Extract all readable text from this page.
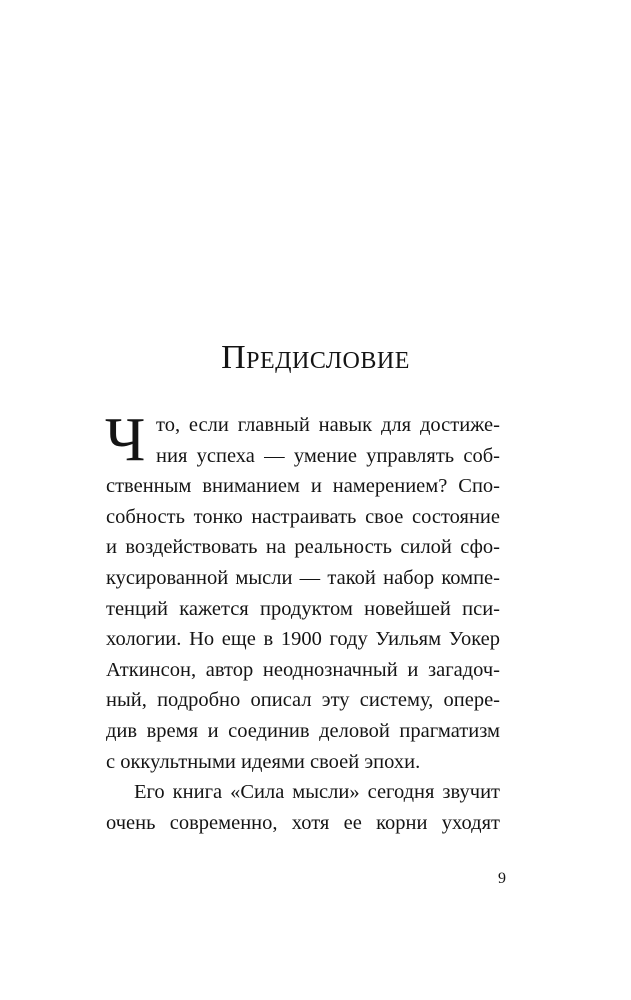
Предисловие
Ч то, если главный навык для достиже-
ния успеха — умение управлять соб-
ственным вниманием и намерением? Спо-
собность тонко настраивать свое состояние
и воздействовать на реальность силой сфо-
кусированной мысли — такой набор компе-
тенций кажется продуктом новейшей пси-
хологии. Но еще в 1900 году Уильям Уокер
Аткинсон, автор неоднозначный и загадоч-
ный, подробно описал эту систему, опере-
див время и соединив деловой прагматизм
с оккультными идеями своей эпохи.
Его книга «Сила мысли» сегодня звучит
очень современно, хотя ее корни уходят
9
